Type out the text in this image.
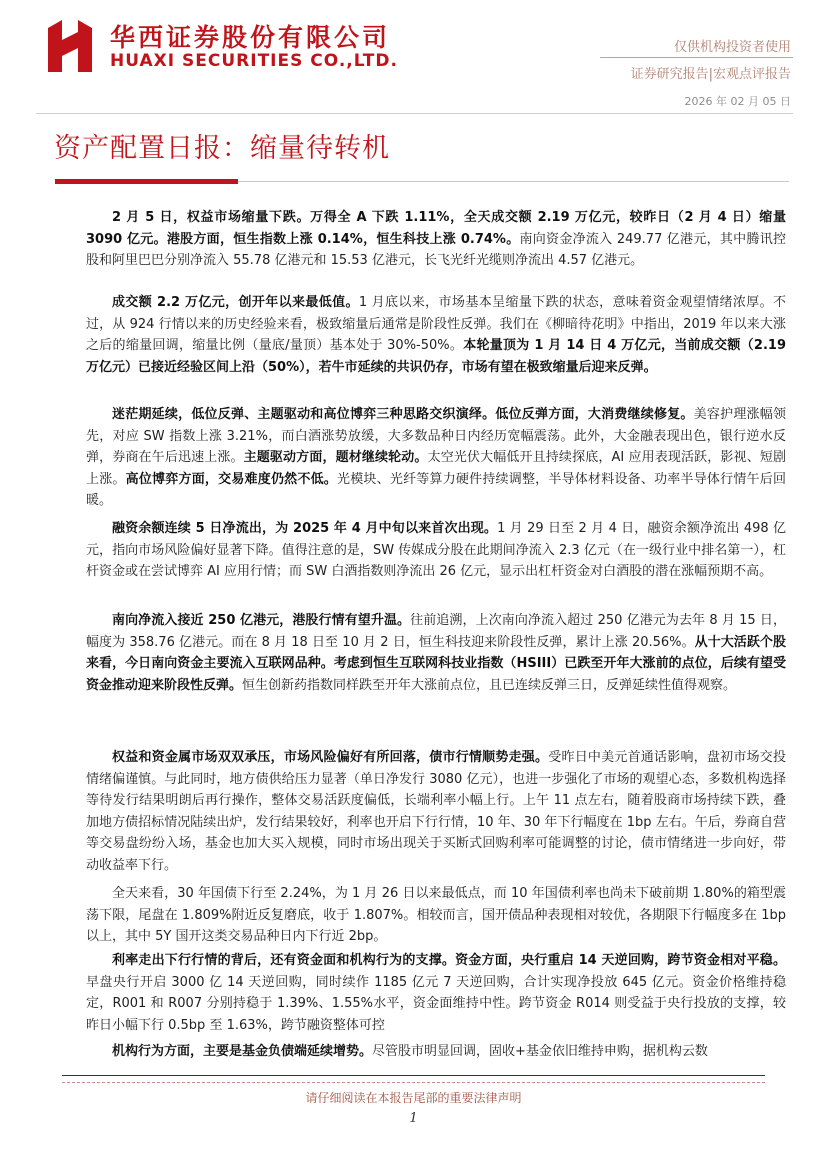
华西证券股份有限公司
HUAXI SECURITIES CO.,LTD.
仅供机构投资者使用
证券研究报告|宏观点评报告
2026 年 02 月 05 日
资产配置日报：缩量待转机

2 月 5 日，权益市场缩量下跌。万得全 A 下跌 1.11%，全天成交额 2.19 万亿元，较昨日（2 月 4 日）缩量 3090 亿元。港股方面，恒生指数上涨 0.14%，恒生科技上涨 0.74%。南向资金净流入 249.77 亿港元，其中腾讯控股和阿里巴巴分别净流入 55.78 亿港元和 15.53 亿港元，长飞光纤光缆则净流出 4.57 亿港元。

成交额 2.2 万亿元，创开年以来最低值。1 月底以来，市场基本呈缩量下跌的状态，意味着资金观望情绪浓厚。不过，从 924 行情以来的历史经验来看，极致缩量后通常是阶段性反弹。我们在《柳暗待花明》中指出，2019 年以来大涨之后的缩量回调，缩量比例（量底/量顶）基本处于 30%-50%。本轮量顶为 1 月 14 日 4 万亿元，当前成交额（2.19 万亿元）已接近经验区间上沿（50%），若牛市延续的共识仍存，市场有望在极致缩量后迎来反弹。

迷茫期延续，低位反弹、主题驱动和高位博弈三种思路交织演绎。低位反弹方面，大消费继续修复。美容护理涨幅领先，对应 SW 指数上涨 3.21%，而白酒涨势放缓，大多数品种日内经历宽幅震荡。此外，大金融表现出色，银行逆水反弹，券商在午后迅速上涨。主题驱动方面，题材继续轮动。太空光伏大幅低开且持续探底，AI 应用表现活跃，影视、短剧上涨。高位博弈方面，交易难度仍然不低。光模块、光纤等算力硬件持续调整，半导体材料设备、功率半导体行情午后回暖。

融资余额连续 5 日净流出，为 2025 年 4 月中旬以来首次出现。1 月 29 日至 2 月 4 日，融资余额净流出 498 亿元，指向市场风险偏好显著下降。值得注意的是，SW 传媒成分股在此期间净流入 2.3 亿元（在一级行业中排名第一），杠杆资金或在尝试博弈 AI 应用行情；而 SW 白酒指数则净流出 26 亿元，显示出杠杆资金对白酒股的潜在涨幅预期不高。

南向净流入接近 250 亿港元，港股行情有望升温。往前追溯，上次南向净流入超过 250 亿港元为去年 8 月 15 日，幅度为 358.76 亿港元。而在 8 月 18 日至 10 月 2 日，恒生科技迎来阶段性反弹，累计上涨 20.56%。从十大活跃个股来看，今日南向资金主要流入互联网品种。考虑到恒生互联网科技业指数（HSIII）已跌至开年大涨前的点位，后续有望受资金推动迎来阶段性反弹。恒生创新药指数同样跌至开年大涨前点位，且已连续反弹三日，反弹延续性值得观察。

权益和资金属市场双双承压，市场风险偏好有所回落，债市行情顺势走强。受昨日中美元首通话影响，盘初市场交投情绪偏谨慎。与此同时，地方债供给压力显著（单日净发行 3080 亿元），也进一步强化了市场的观望心态，多数机构选择等待发行结果明朗后再行操作，整体交易活跃度偏低，长端利率小幅上行。上午 11 点左右，随着股商市场持续下跌，叠加地方债招标情况陆续出炉，发行结果较好，利率也开启下行行情，10 年、30 年下行幅度在 1bp 左右。午后，券商自营等交易盘纷纷入场，基金也加大买入规模，同时市场出现关于买断式回购利率可能调整的讨论，债市情绪进一步向好，带动收益率下行。

全天来看，30 年国债下行至 2.24%，为 1 月 26 日以来最低点，而 10 年国债利率也尚未下破前期 1.80%的箱型震荡下限，尾盘在 1.809%附近反复磨底，收于 1.807%。相较而言，国开债品种表现相对较优，各期限下行幅度多在 1bp 以上，其中 5Y 国开这类交易品种日内下行近 2bp。

利率走出下行行情的背后，还有资金面和机构行为的支撑。资金方面，央行重启 14 天逆回购，跨节资金相对平稳。早盘央行开启 3000 亿 14 天逆回购，同时续作 1185 亿元 7 天逆回购，合计实现净投放 645 亿元。资金价格维持稳定，R001 和 R007 分别持稳于 1.39%、1.55%水平，资金面维持中性。跨节资金 R014 则受益于央行投放的支撑，较昨日小幅下行 0.5bp 至 1.63%，跨节融资整体可控

机构行为方面，主要是基金负债端延续增势。尽管股市明显回调，固收+基金依旧维持申购，据机构云数

请仔细阅读在本报告尾部的重要法律声明
1
